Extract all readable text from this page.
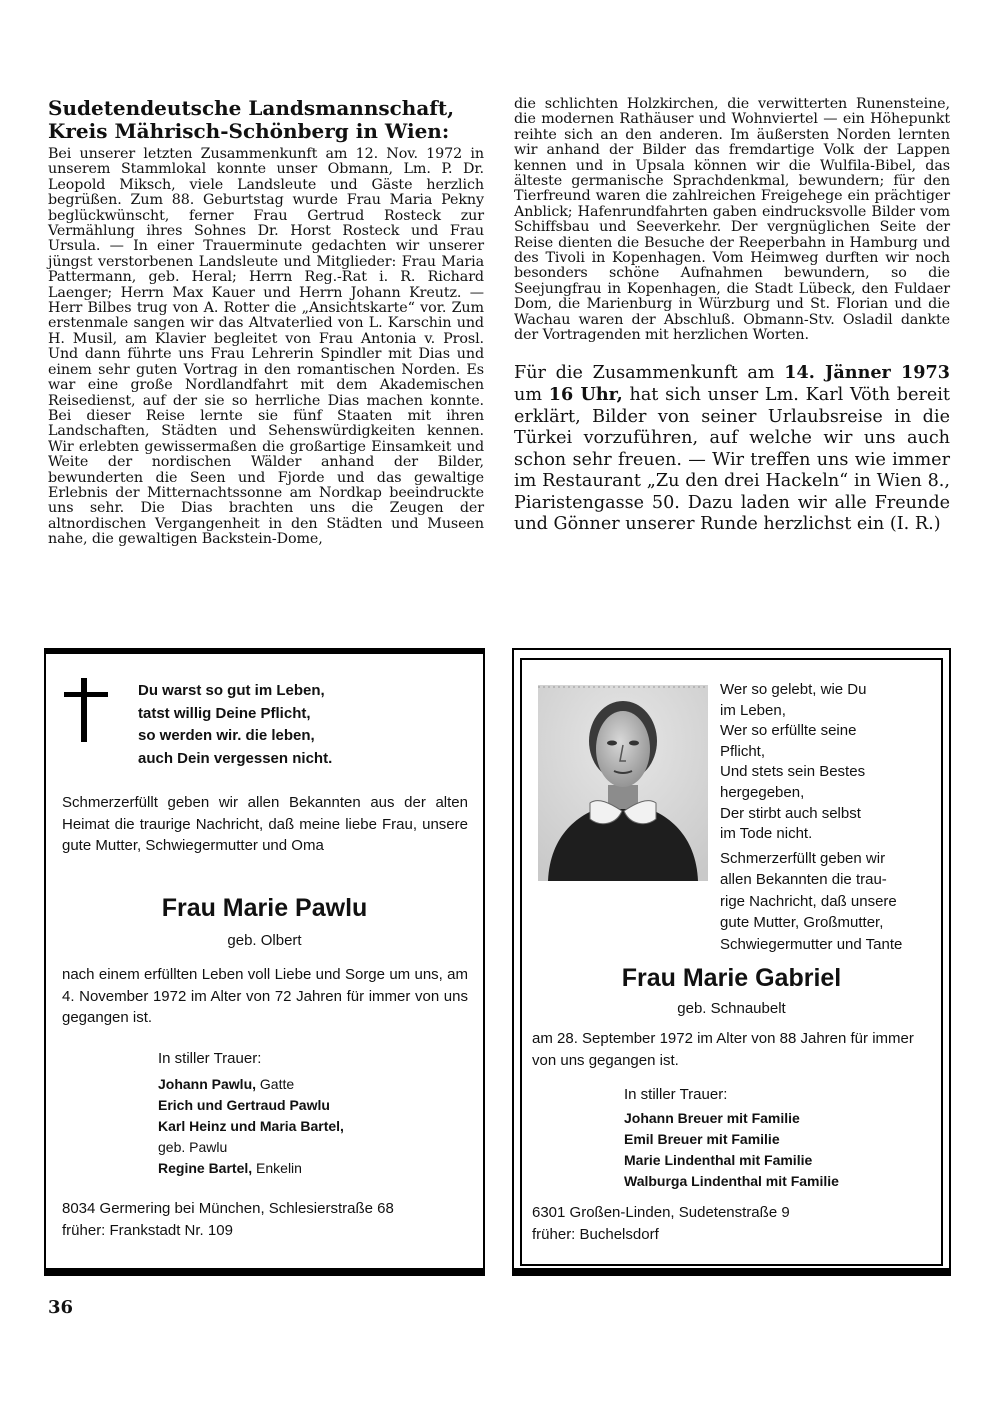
Sudetendeutsche Landsmannschaft, Kreis Mährisch-Schönberg in Wien:

Bei unserer letzten Zusammenkunft am 12. Nov. 1972 in unserem Stammlokal konnte unser Obmann, Lm. P. Dr. Leopold Miksch, viele Landsleute und Gäste herzlich begrüßen. Zum 88. Geburtstag wurde Frau Maria Pekny beglückwünscht, ferner Frau Gertrud Rosteck zur Vermählung ihres Sohnes Dr. Horst Rosteck und Frau Ursula. — In einer Trauerminute gedachten wir unserer jüngst verstorbenen Landsleute und Mitglieder: Frau Maria Pattermann, geb. Heral; Herrn Reg.-Rat i. R. Richard Laenger; Herrn Max Kauer und Herrn Johann Kreutz. — Herr Bilbes trug von A. Rotter die „Ansichtskarte“ vor. Zum erstenmale sangen wir das Altvaterlied von L. Karschin und H. Musil, am Klavier begleitet von Frau Antonia v. Prosl. Und dann führte uns Frau Lehrerin Spindler mit Dias und einem sehr guten Vortrag in den romantischen Norden. Es war eine große Nordlandfahrt mit dem Akademischen Reisedienst, auf der sie so herrliche Dias machen konnte. Bei dieser Reise lernte sie fünf Staaten mit ihren Landschaften, Städten und Sehenswürdigkeiten kennen. Wir erlebten gewissermaßen die großartige Einsamkeit und Weite der nordischen Wälder anhand der Bilder, bewunderten die Seen und Fjorde und das gewaltige Erlebnis der Mitternachtssonne am Nordkap beeindruckte uns sehr. Die Dias brachten uns die Zeugen der altnordischen Vergangenheit in den Städten und Museen nahe, die gewaltigen Backstein-Dome,

die schlichten Holzkirchen, die verwitterten Runensteine, die modernen Rathäuser und Wohnviertel — ein Höhepunkt reihte sich an den anderen. Im äußersten Norden lernten wir anhand der Bilder das fremdartige Volk der Lappen kennen und in Upsala können wir die Wulfila-Bibel, das älteste germanische Sprachdenkmal, bewundern; für den Tierfreund waren die zahlreichen Freigehege ein prächtiger Anblick; Hafenrundfahrten gaben eindrucksvolle Bilder vom Schiffsbau und Seeverkehr. Der vergnüglichen Seite der Reise dienten die Besuche der Reeperbahn in Hamburg und des Tivoli in Kopenhagen. Vom Heimweg durften wir noch besonders schöne Aufnahmen bewundern, so die Seejungfrau in Kopenhagen, die Stadt Lübeck, den Fuldaer Dom, die Marienburg in Würzburg und St. Florian und die Wachau waren der Abschluß. Obmann-Stv. Osladil dankte der Vortragenden mit herzlichen Worten.

Für die Zusammenkunft am 14. Jänner 1973 um 16 Uhr, hat sich unser Lm. Karl Vöth bereit erklärt, Bilder von seiner Urlaubsreise in die Türkei vorzuführen, auf welche wir uns auch schon sehr freuen. — Wir treffen uns wie immer im Restaurant „Zu den drei Hackeln“ in Wien 8., Piaristengasse 50. Dazu laden wir alle Freunde und Gönner unserer Runde herzlichst ein (I. R.)

Du warst so gut im Leben,
tatst willig Deine Pflicht,
so werden wir. die leben,
auch Dein vergessen nicht.
Schmerzerfüllt geben wir allen Bekannten aus der alten Heimat die traurige Nachricht, daß meine liebe Frau, unsere gute Mutter, Schwiegermutter und Oma
Frau Marie Pawlu
geb. Olbert
nach einem erfüllten Leben voll Liebe und Sorge um uns, am 4. November 1972 im Alter von 72 Jahren für immer von uns gegangen ist.
In stiller Trauer:
Johann Pawlu, Gatte
Erich und Gertraud Pawlu
Karl Heinz und Maria Bartel,
geb. Pawlu
Regine Bartel, Enkelin
8034 Germering bei München, Schlesierstraße 68
früher: Frankstadt Nr. 109
Wer so gelebt, wie Du
im Leben,
Wer so erfüllte seine
Pflicht,
Und stets sein Bestes
hergegeben,
Der stirbt auch selbst
im Tode nicht.
Schmerzerfüllt geben wir
allen Bekannten die trau-
rige Nachricht, daß unsere
gute Mutter, Großmutter,
Schwiegermutter und Tante
Frau Marie Gabriel
geb. Schnaubelt
am 28. September 1972 im Alter von 88 Jahren für immer von uns gegangen ist.
In stiller Trauer:
Johann Breuer mit Familie
Emil Breuer mit Familie
Marie Lindenthal mit Familie
Walburga Lindenthal mit Familie
6301 Großen-Linden, Sudetenstraße 9
früher: Buchelsdorf
36
